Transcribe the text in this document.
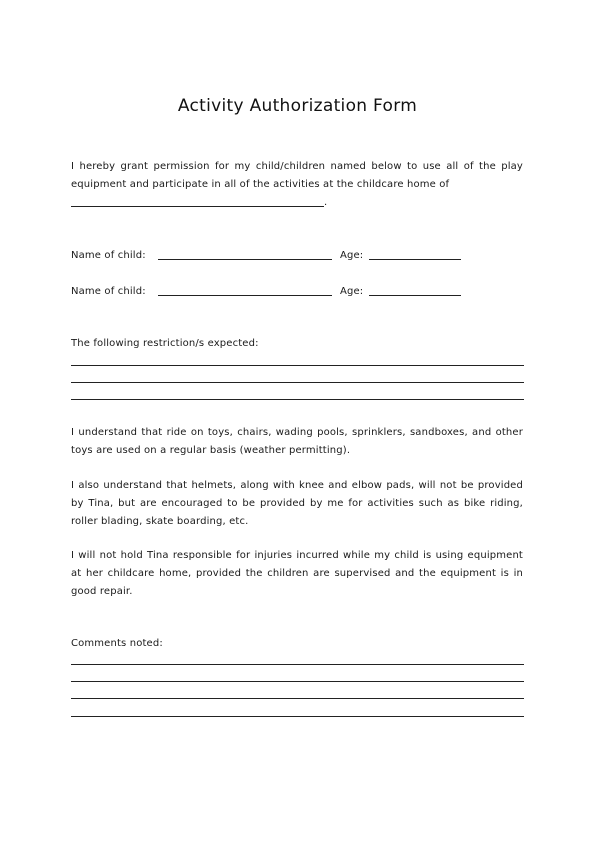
Activity Authorization Form

I hereby grant permission for my child/children named below to use all of the play equipment and participate in all of the activities at the childcare home of
.

Name of child:	Age:
Name of child:	Age:
The following restriction/s expected:

I understand that ride on toys, chairs, wading pools, sprinklers, sandboxes, and other toys are used on a regular basis (weather permitting).

I also understand that helmets, along with knee and elbow pads, will not be provided by Tina, but are encouraged to be provided by me for activities such as bike riding, roller blading, skate boarding, etc.

I will not hold Tina responsible for injuries incurred while my child is using equipment at her childcare home, provided the children are supervised and the equipment is in good repair.

Comments noted:
